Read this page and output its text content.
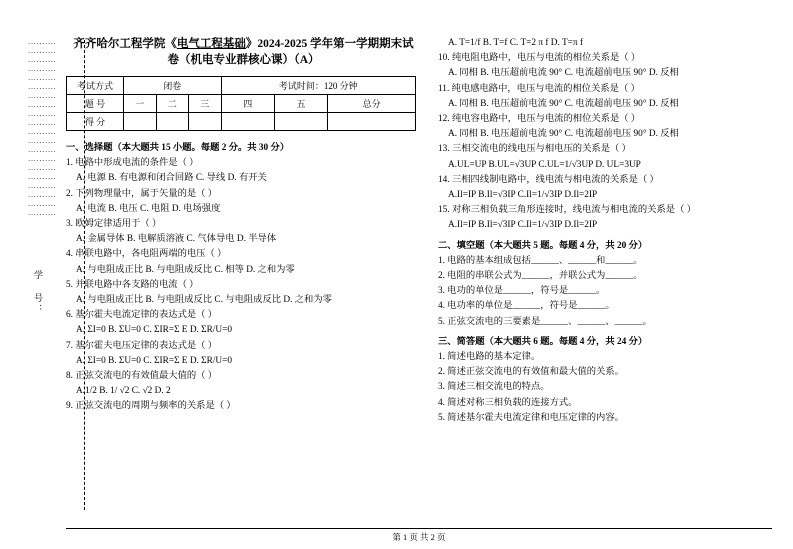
·········· ·········· ·········· ·········· ·········· ·········· ·········· ·········· ·········· ·········· ·········· ·········· ·········· ·········· ·········· ·········· ·········· ·········· ·········· ··········
学 号：
齐齐哈尔工程学院《电气工程基础》2024-2025 学年第一学期期末试
卷（机电专业群核心课）（A）
考试方式	闭卷			考试时间：120 分钟		
题 号	一	二	三	四	五	总分
得 分						

一、选择题（本大题共 15 小题。每题 2 分。共 30 分）

1. 电路中形成电流的条件是（ ）

A. 电源 B. 有电源和闭合回路 C. 导线 D. 有开关

2. 下列物理量中，属于矢量的是（ ）

A. 电流 B. 电压 C. 电阻 D. 电场强度

3. 欧姆定律适用于（ ）

A. 金属导体 B. 电解质溶液 C. 气体导电 D. 半导体

4. 串联电路中，各电阻两端的电压（ ）

A. 与电阻成正比 B. 与电阻成反比 C. 相等 D. 之和为零

5. 并联电路中各支路的电流（ ）

A. 与电阻成正比 B. 与电阻成反比 C. 与电阻成反比 D. 之和为零

6. 基尔霍夫电流定律的表达式是（ ）

A. ΣI=0 B. ΣU=0 C. ΣIR=Σ E D. ΣR/U=0

7. 基尔霍夫电压定律的表达式是（ ）

A. ΣI=0 B. ΣU=0 C. ΣIR=Σ E D. ΣR/U=0

8. 正弦交流电的有效值最大值的（ ）

A.1/2 B. 1/ √2 C. √2 D. 2

9. 正弦交流电的周期与频率的关系是（ ）

A. T=1/f B. T=f C. T=2 π f D. T=π f

10. 纯电阻电路中，电压与电流的相位关系是（ ）

A. 同相 B. 电压超前电流 90° C. 电流超前电压 90° D. 反相

11. 纯电感电路中，电压与电流的相位关系是（ ）

A. 同相 B. 电压超前电流 90° C. 电流超前电压 90° D. 反相

12. 纯电容电路中，电压与电流的相位关系是（ ）

A. 同相 B. 电压超前电流 90° C. 电流超前电压 90° D. 反相

13. 三相交流电的线电压与相电压的关系是（ ）

A.UL=UP B.UL=√3UP C.UL=1/√3UP D. UL=3UP

14. 三相四线制电路中，线电流与相电流的关系是（ ）

A.Il=IP B.Il=√3IP C.Il=1/√3IP D.Il=2IP

15. 对称三相负载三角形连接时，线电流与相电流的关系是（ ）

A.Il=IP B.Il=√3IP C.Il=1/√3IP D.Il=2IP

二、填空题（本大题共 5 题。每题 4 分，共 20 分）

1. 电路的基本组成包括______、______和______。

2. 电阻的串联公式为______，并联公式为______。

3. 电功的单位是______，符号是______。

4. 电功率的单位是______，符号是______。

5. 正弦交流电的三要素是______、______、______。

三、简答题（本大题共 6 题。每题 4 分，共 24 分）

1. 简述电路的基本定律。

2. 简述正弦交流电的有效值和最大值的关系。

3. 简述三相交流电的特点。

4. 简述对称三相负载的连接方式。

5. 简述基尔霍夫电流定律和电压定律的内容。

第 1 页 共 2 页
